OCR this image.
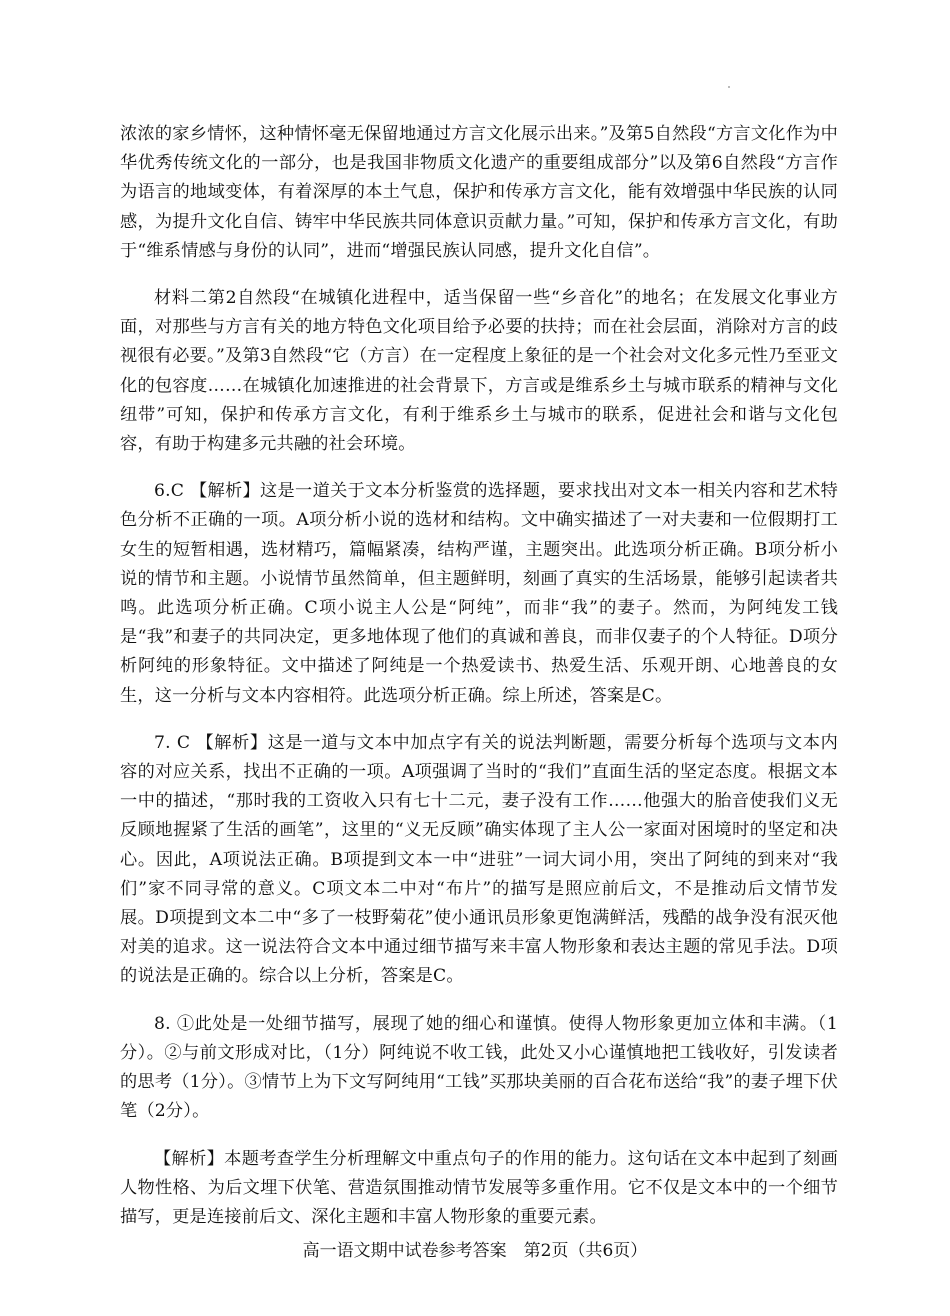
浓浓的家乡情怀，这种情怀毫无保留地通过方言文化展示出来。”及第5自然段“方言文化作为中华优秀传统文化的一部分，也是我国非物质文化遗产的重要组成部分”以及第6自然段“方言作为语言的地域变体，有着深厚的本土气息，保护和传承方言文化，能有效增强中华民族的认同感，为提升文化自信、铸牢中华民族共同体意识贡献力量。”可知，保护和传承方言文化，有助于“维系情感与身份的认同”，进而“增强民族认同感，提升文化自信”。

材料二第2自然段“在城镇化进程中，适当保留一些“乡音化”的地名；在发展文化事业方面，对那些与方言有关的地方特色文化项目给予必要的扶持；而在社会层面，消除对方言的歧视很有必要。”及第3自然段“它（方言）在一定程度上象征的是一个社会对文化多元性乃至亚文化的包容度……在城镇化加速推进的社会背景下，方言或是维系乡土与城市联系的精神与文化纽带”可知，保护和传承方言文化，有利于维系乡土与城市的联系，促进社会和谐与文化包容，有助于构建多元共融的社会环境。

6.C 【解析】这是一道关于文本分析鉴赏的选择题，要求找出对文本一相关内容和艺术特色分析不正确的一项。A项分析小说的选材和结构。文中确实描述了一对夫妻和一位假期打工女生的短暂相遇，选材精巧，篇幅紧凑，结构严谨，主题突出。此选项分析正确。B项分析小说的情节和主题。小说情节虽然简单，但主题鲜明，刻画了真实的生活场景，能够引起读者共鸣。此选项分析正确。C项小说主人公是“阿纯”，而非“我”的妻子。然而，为阿纯发工钱是“我”和妻子的共同决定，更多地体现了他们的真诚和善良，而非仅妻子的个人特征。D项分析阿纯的形象特征。文中描述了阿纯是一个热爱读书、热爱生活、乐观开朗、心地善良的女生，这一分析与文本内容相符。此选项分析正确。综上所述，答案是C。

7. C 【解析】这是一道与文本中加点字有关的说法判断题，需要分析每个选项与文本内容的对应关系，找出不正确的一项。A项强调了当时的“我们”直面生活的坚定态度。根据文本一中的描述，“那时我的工资收入只有七十二元，妻子没有工作……他强大的胎音使我们义无反顾地握紧了生活的画笔”，这里的“义无反顾”确实体现了主人公一家面对困境时的坚定和决心。因此，A项说法正确。B项提到文本一中“进驻”一词大词小用，突出了阿纯的到来对“我们”家不同寻常的意义。C项文本二中对“布片”的描写是照应前后文，不是推动后文情节发展。D项提到文本二中“多了一枝野菊花”使小通讯员形象更饱满鲜活，残酷的战争没有泯灭他对美的追求。这一说法符合文本中通过细节描写来丰富人物形象和表达主题的常见手法。D项的说法是正确的。综合以上分析，答案是C。

8. ①此处是一处细节描写，展现了她的细心和谨慎。使得人物形象更加立体和丰满。（1分）。②与前文形成对比，（1分）阿纯说不收工钱，此处又小心谨慎地把工钱收好，引发读者的思考（1分）。③情节上为下文写阿纯用“工钱”买那块美丽的百合花布送给“我”的妻子埋下伏笔（2分）。

【解析】本题考查学生分析理解文中重点句子的作用的能力。这句话在文本中起到了刻画人物性格、为后文埋下伏笔、营造氛围推动情节发展等多重作用。它不仅是文本中的一个细节描写，更是连接前后文、深化主题和丰富人物形象的重要元素。

高一语文期中试卷参考答案　第2页（共6页）
